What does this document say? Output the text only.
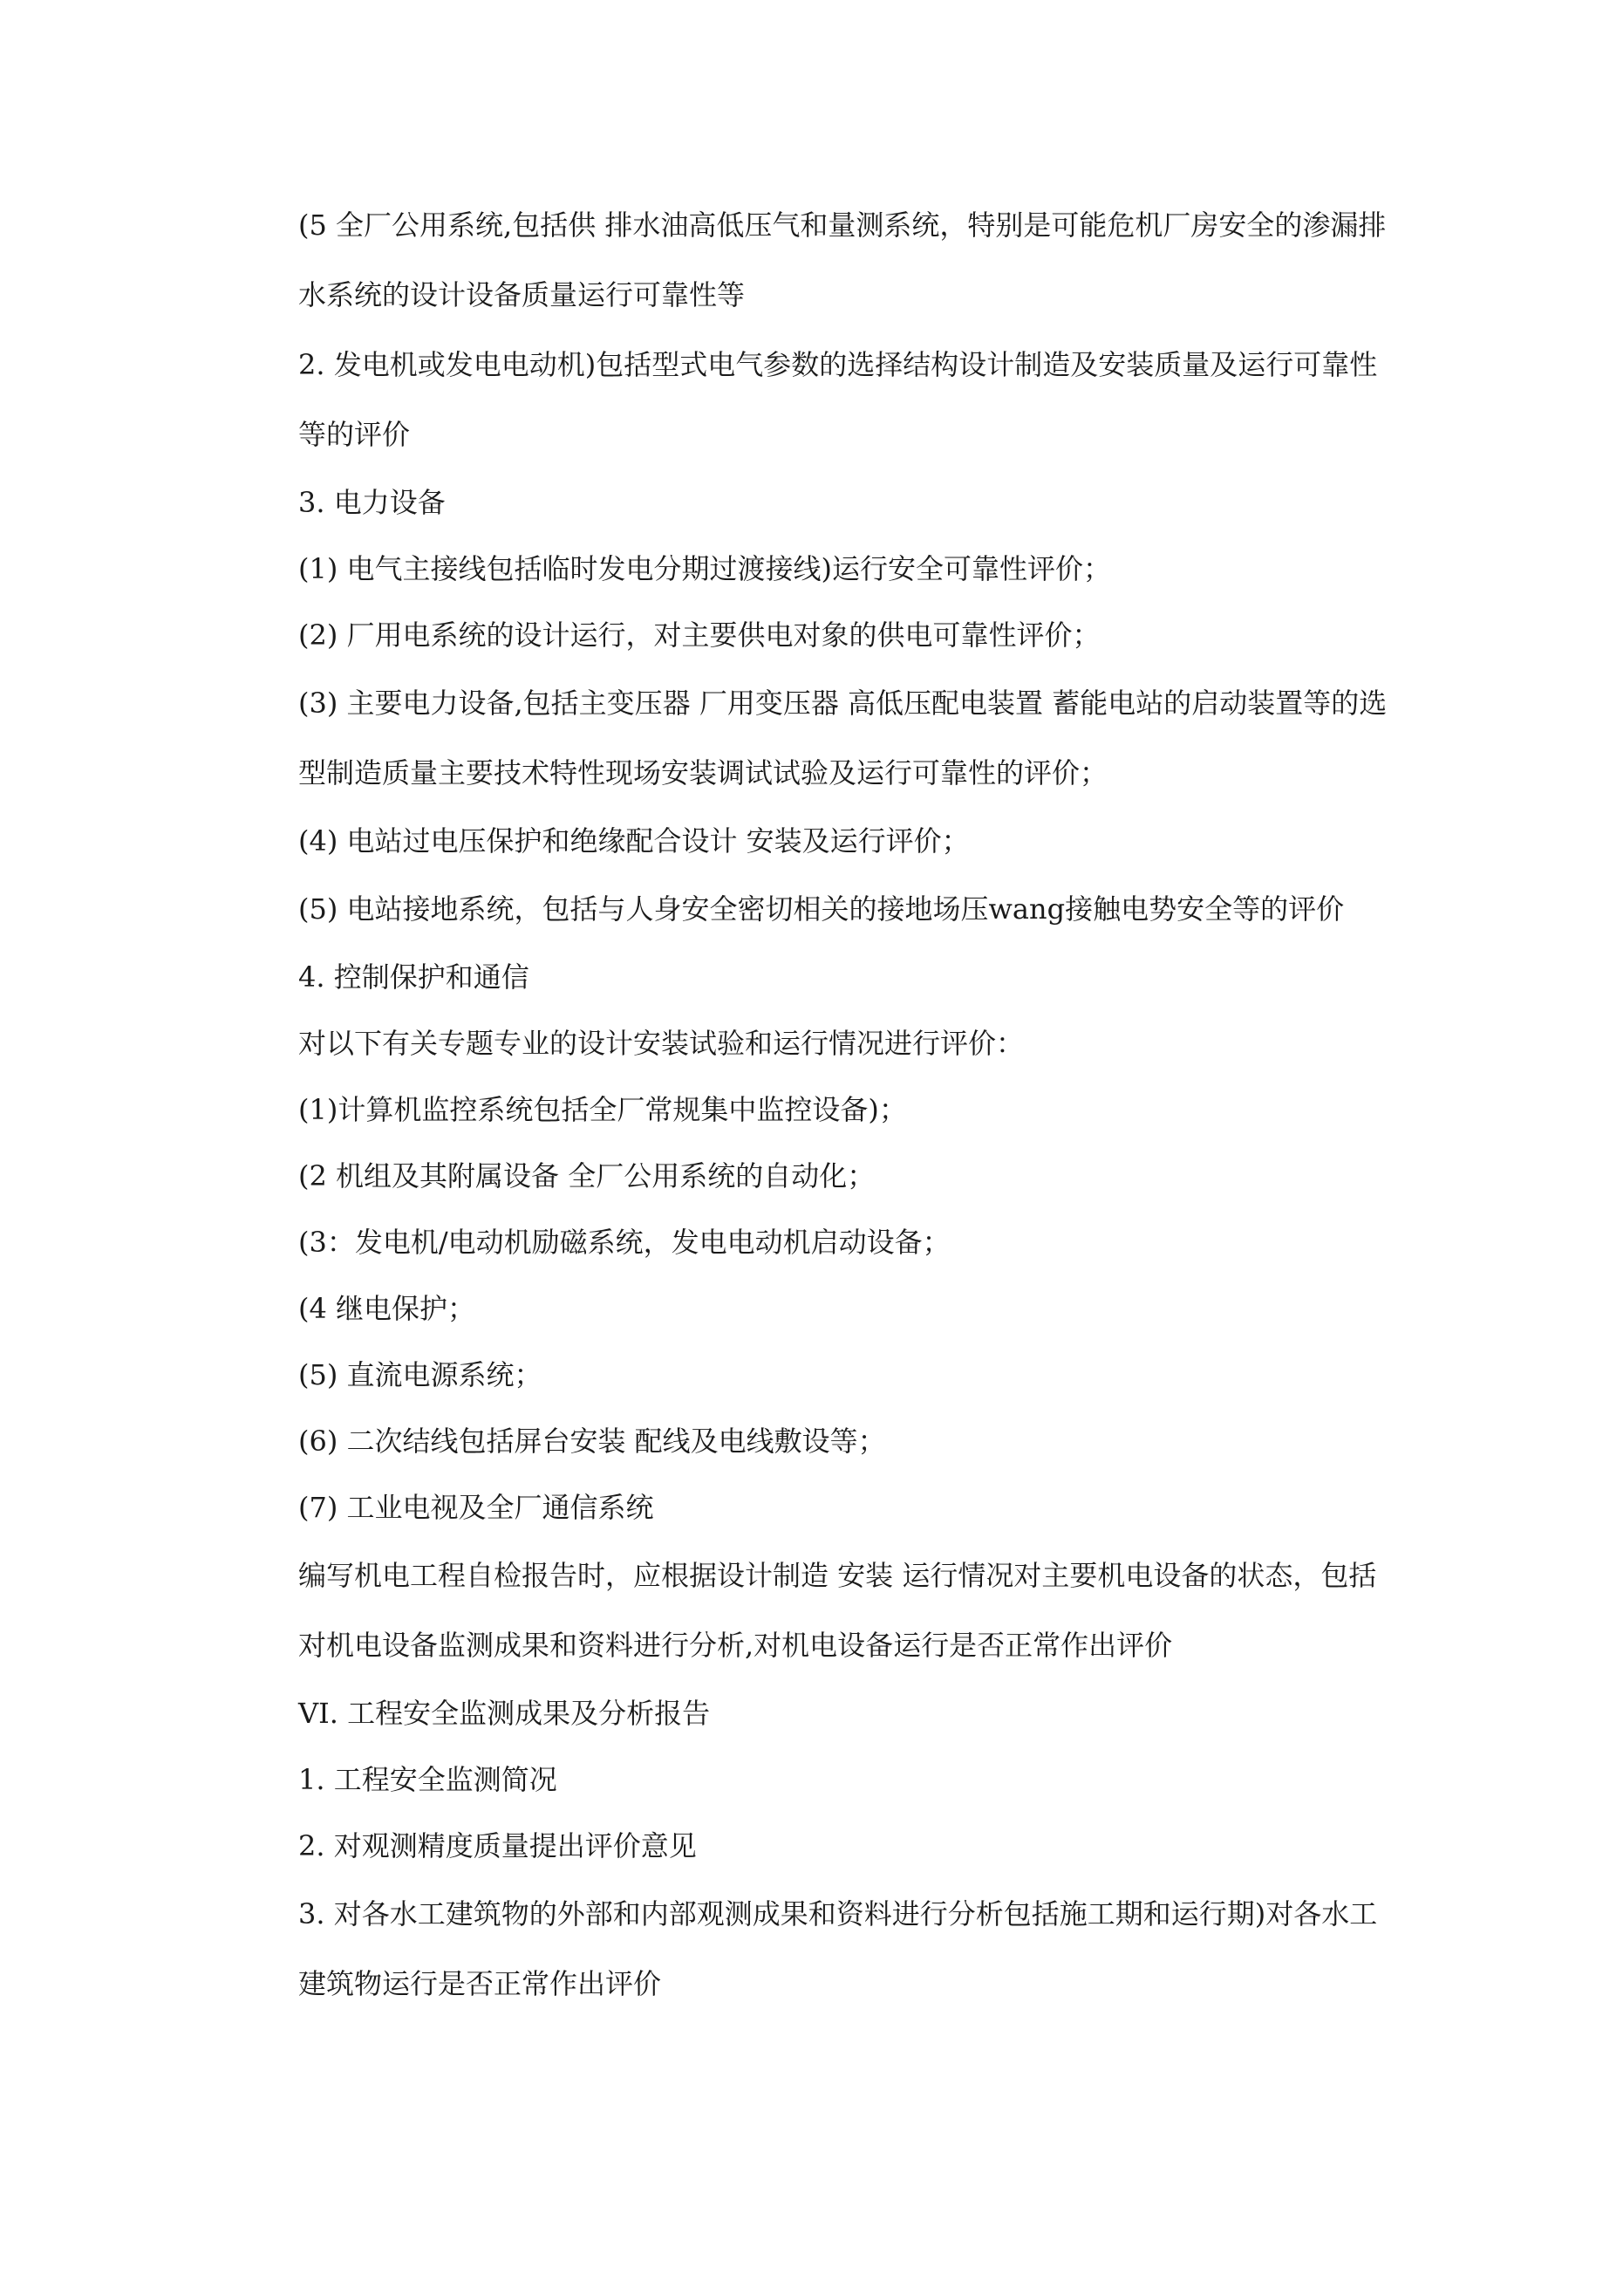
(5 全厂公用系统,包括供 排水油高低压气和量测系统，特别是可能危机厂房安全的渗漏排水系统的设计设备质量运行可靠性等

2. 发电机或发电电动机)包括型式电气参数的选择结构设计制造及安装质量及运行可靠性等的评价

3. 电力设备

(1) 电气主接线包括临时发电分期过渡接线)运行安全可靠性评价；

(2) 厂用电系统的设计运行，对主要供电对象的供电可靠性评价；

(3) 主要电力设备,包括主变压器 厂用变压器 高低压配电装置 蓄能电站的启动装置等的选型制造质量主要技术特性现场安装调试试验及运行可靠性的评价；

(4) 电站过电压保护和绝缘配合设计 安装及运行评价；

(5) 电站接地系统，包括与人身安全密切相关的接地场压wang接触电势安全等的评价

4. 控制保护和通信

对以下有关专题专业的设计安装试验和运行情况进行评价：

(1)计算机监控系统包括全厂常规集中监控设备)；

(2 机组及其附属设备 全厂公用系统的自动化；

(3：发电机/电动机励磁系统，发电电动机启动设备；

(4 继电保护；

(5) 直流电源系统；

(6) 二次结线包括屏台安装 配线及电线敷设等；

(7) 工业电视及全厂通信系统

编写机电工程自检报告时，应根据设计制造 安装 运行情况对主要机电设备的状态，包括对机电设备监测成果和资料进行分析,对机电设备运行是否正常作出评价

VI. 工程安全监测成果及分析报告

1. 工程安全监测简况

2. 对观测精度质量提出评价意见

3. 对各水工建筑物的外部和内部观测成果和资料进行分析包括施工期和运行期)对各水工建筑物运行是否正常作出评价
